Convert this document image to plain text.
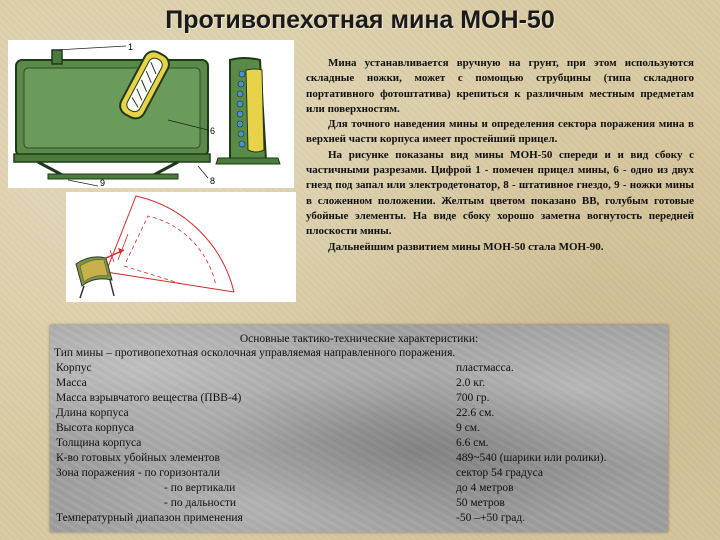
Противопехотная мина МОН-50
1
6
8
9

Мина устанавливается вручную на грунт, при этом используются складные ножки, может с помощью струбцины (типа складного портативного фотоштатива) крепиться к различным местным предметам или поверхностям.

Для точного наведения мины и определения сектора поражения мина в верхней части корпуса имеет простейший прицел.

На рисунке показаны вид мины МОН-50 спереди и и вид сбоку с частичными разрезами. Цифрой 1 - помечен прицел мины, 6 - одно из двух гнезд под запал или электродетонатор, 8 - штативное гнездо, 9 - ножки мины в сложенном положении. Желтым цветом показано ВВ, голубым готовые убойные элементы. На виде сбоку хорошо заметна вогнутость передней плоскости мины.

Дальнейшим развитием мины МОН-50 стала МОН-90.

Основные тактико-технические характеристики:
Тип мины – противопехотная осколочная управляемая направленного поражения.
Корпус	пластмасса.
Масса	2.0 кг.
Масса взрывчатого вещества (ПВВ-4)	700 гр.
Длина корпуса	22.6 см.
Высота корпуса	9 см.
Толщина корпуса	6.6 см.
К-во готовых убойных элементов	489~540 (шарики или ролики).
Зона поражения - по горизонтали	сектор 54 градуса
- по вертикали	до 4 метров
- по дальности	50 метров
Температурный диапазон применения	-50 –+50 град.
